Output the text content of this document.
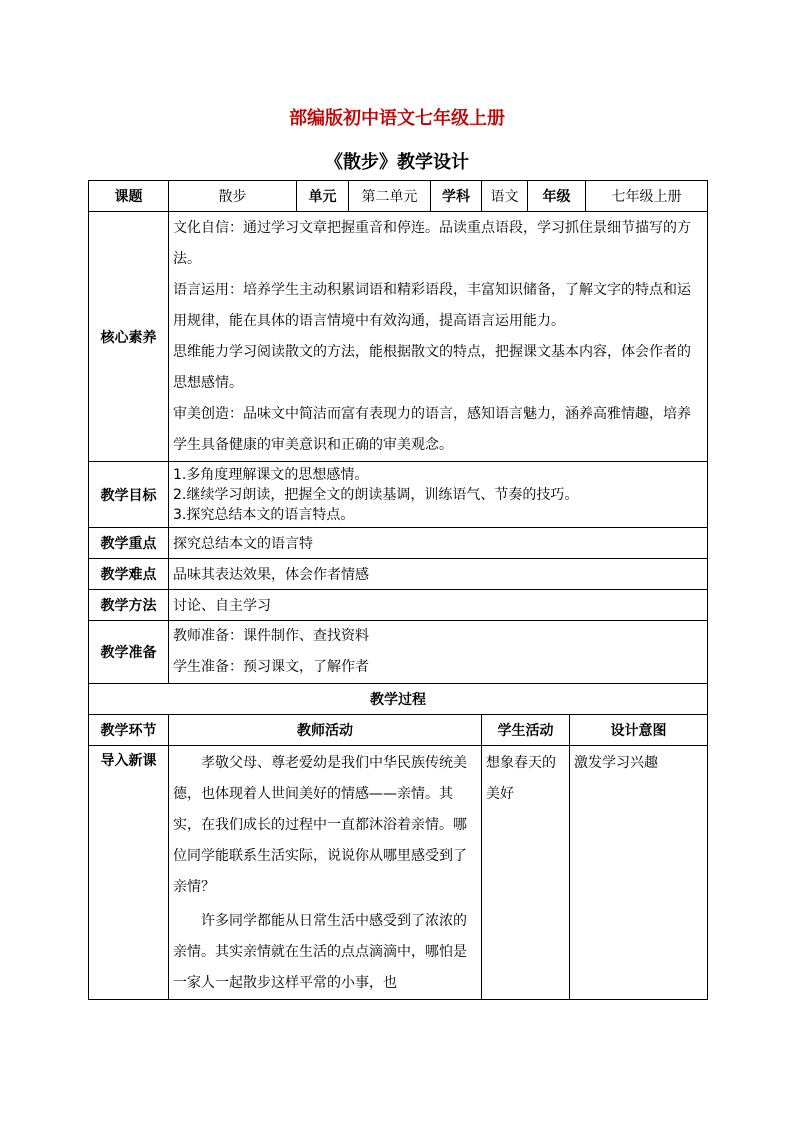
部编版初中语文七年级上册
《散步》教学设计
课题	散步	单元	第二单元	学科	语文	年级		七年级上册
核心素养	文化自信：通过学习文章把握重音和停连。品读重点语段，学习抓住景细节描写的方法。

语言运用：培养学生主动积累词语和精彩语段，丰富知识储备，了解文字的特点和运用规律，能在具体的语言情境中有效沟通，提高语言运用能力。

思维能力学习阅读散文的方法，能根据散文的特点，把握课文基本内容，体会作者的思想感情。

审美创造：品味文中简洁而富有表现力的语言，感知语言魅力，涵养高雅情趣，培养学生具备健康的审美意识和正确的审美观念。							

教学目标	1.多角度理解课文的思想感情。

2.继续学习朗读，把握全文的朗读基调，训练语气、节奏的技巧。

3.探究总结本文的语言特点。							

教学重点	探究总结本文的语言特							
教学难点	品味其表达效果，体会作者情感							
教学方法	讨论、自主学习							
教学准备	教师准备：课件制作、查找资料

学生准备：预习课文，了解作者							

教学过程								
教学环节	教师活动				学生活动		设计意图	
导入新课	孝敬父母、尊老爱幼是我们中华民族传统美德，也体现着人世间美好的情感——亲情。其实，在我们成长的过程中一直都沐浴着亲情。哪位同学能联系生活实际，说说你从哪里感受到了亲情？

许多同学都能从日常生活中感受到了浓浓的亲情。其实亲情就在生活的点点滴滴中，哪怕是一家人一起散步这样平常的小事，也				想象春天的美好		激发学习兴趣	
